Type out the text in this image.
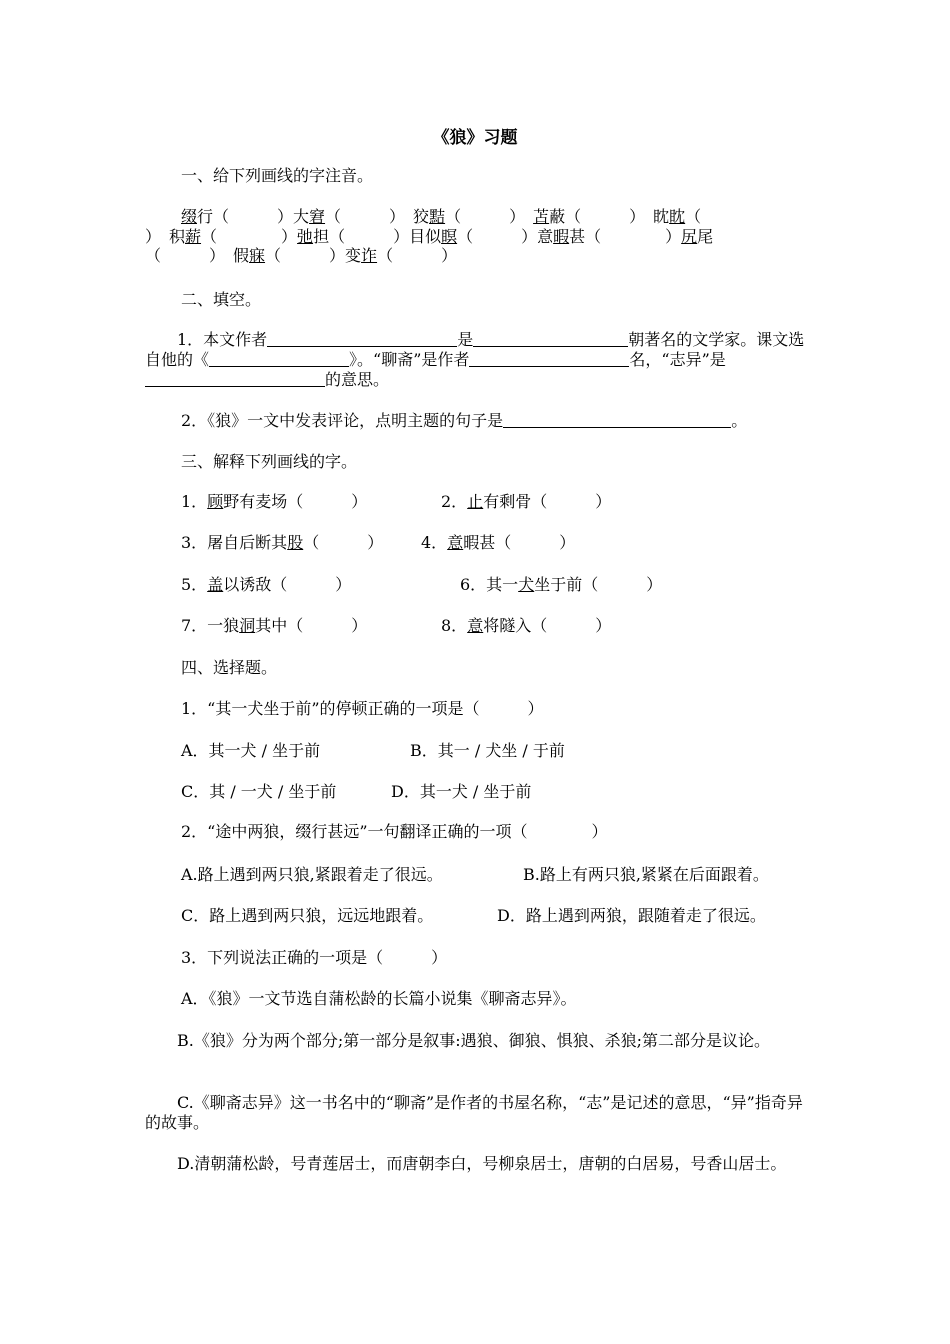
《狼》习题
一、给下列画线的字注音。
缀行（　　　）大窘（　　　）　狡黠（　　　）　苫蔽（　　　）　眈眈（
）　积薪（　　　　）弛担（　　　）目似瞑（　　　）意暇甚（　　　　）尻尾
（　　　）　假寐（　　　）变诈（　　　）
二、填空。
1．本文作者	是	朝著名的文学家。课文选自他的《	》。“聊斋”是作者	名，“志异”是的意思。
2．《狼》一文中发表评论，点明主题的句子是	。
三、解释下列画线的字。
1．顾野有麦场（　　　）	2．止有剩骨（　　　）
3．屠自后断其股（　　　） 4．意暇甚（　　　）
5．盖以诱敌（　　　）	6．其一犬坐于前（　　　）
7．一狼洞其中（　　　）	8．意将隧入（　　　）
四、选择题。
1．“其一犬坐于前”的停顿正确的一项是（　　　）
A．其一犬 / 坐于前	B．其一 / 犬坐 / 于前
C．其 / 一犬 / 坐于前	D．其一犬 / 坐于前
2．“途中两狼，缀行甚远”一句翻译正确的一项（　　　　）
A.路上遇到两只狼,紧跟着走了很远。	B.路上有两只狼,紧紧在后面跟着。
C．路上遇到两只狼，远远地跟着。	D．路上遇到两狼，跟随着走了很远。
3．下列说法正确的一项是（　　　）
A．《狼》一文节选自蒲松龄的长篇小说集《聊斋志异》。
B.《狼》分为两个部分;第一部分是叙事:遇狼、御狼、惧狼、杀狼;第二部分是议论。
C.《聊斋志异》这一书名中的“聊斋”是作者的书屋名称，“志”是记述的意思，“异”指奇异的故事。
D.清朝蒲松龄，号青莲居士，而唐朝李白，号柳泉居士，唐朝的白居易，号香山居士。
